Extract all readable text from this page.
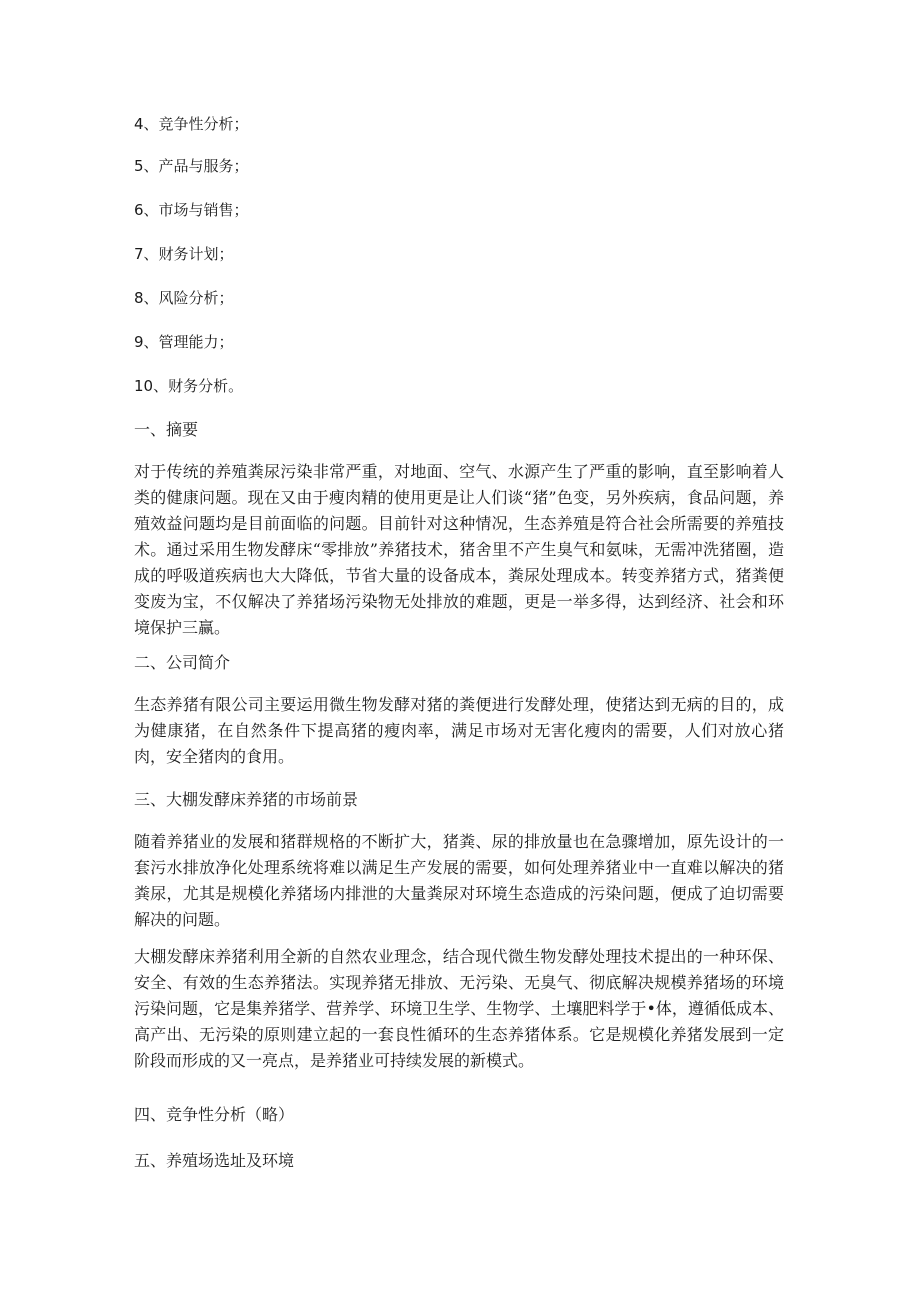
4、竞争性分析；
5、产品与服务；
6、市场与销售；
7、财务计划；
8、风险分析；
9、管理能力；
10、财务分析。
一、摘要
对于传统的养殖粪尿污染非常严重，对地面、空气、水源产生了严重的影响，直至影响着人类的健康问题。现在又由于瘦肉精的使用更是让人们谈“猪”色变，另外疾病，食品问题，养殖效益问题均是目前面临的问题。目前针对这种情况，生态养殖是符合社会所需要的养殖技术。通过采用生物发酵床“零排放”养猪技术，猪舍里不产生臭气和氨味，无需冲洗猪圈，造成的呼吸道疾病也大大降低，节省大量的设备成本，粪尿处理成本。转变养猪方式，猪粪便变废为宝，不仅解决了养猪场污染物无处排放的难题，更是一举多得，达到经济、社会和环境保护三赢。
二、公司简介
生态养猪有限公司主要运用微生物发酵对猪的粪便进行发酵处理，使猪达到无病的目的，成为健康猪，在自然条件下提高猪的瘦肉率，满足市场对无害化瘦肉的需要，人们对放心猪肉，安全猪肉的食用。
三、大棚发酵床养猪的市场前景
随着养猪业的发展和猪群规格的不断扩大，猪粪、尿的排放量也在急骤增加，原先设计的一套污水排放净化处理系统将难以满足生产发展的需要，如何处理养猪业中一直难以解决的猪粪尿，尤其是规模化养猪场内排泄的大量粪尿对环境生态造成的污染问题，便成了迫切需要解决的问题。
大棚发酵床养猪利用全新的自然农业理念，结合现代微生物发酵处理技术提出的一种环保、安全、有效的生态养猪法。实现养猪无排放、无污染、无臭气、彻底解决规模养猪场的环境污染问题，它是集养猪学、营养学、环境卫生学、生物学、土壤肥料学于•体，遵循低成本、高产出、无污染的原则建立起的一套良性循环的生态养猪体系。它是规模化养猪发展到一定阶段而形成的又一亮点，是养猪业可持续发展的新模式。
四、竞争性分析（略）
五、养殖场选址及环境
